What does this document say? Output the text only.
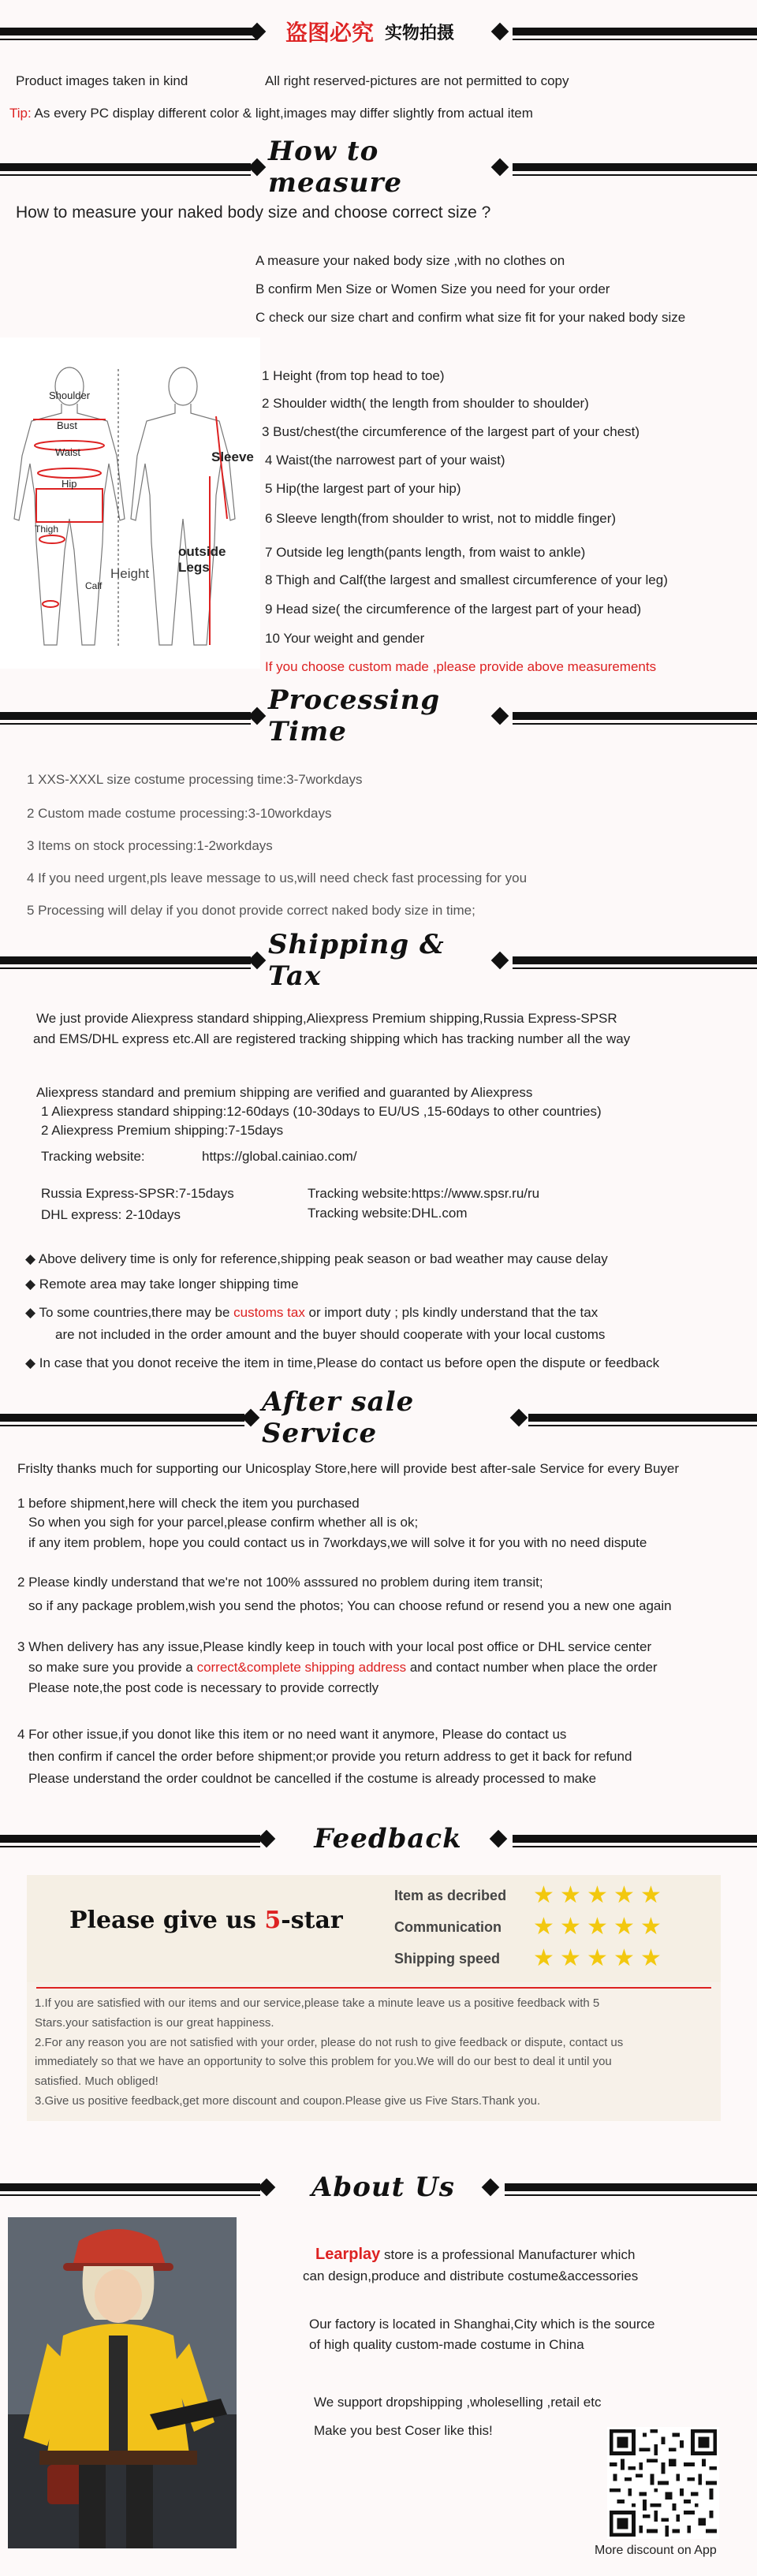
盗图必究 实物拍摄
Product images taken in kind	All right reserved-pictures are not permitted to copy
Tip: As every PC display different color & light,images may differ slightly from actual item
How to measure
How to measure your naked body size and choose correct size ?
A measure your naked body size ,with no clothes on
B confirm Men Size or Women Size you need for your order
C check our size chart and confirm what size fit for your naked body size
Shoulder
Bust
Waist
Hip
Thigh
Calf
Height
Sleeve
outside Legs
1 Height (from top head to toe)
2 Shoulder width( the length from shoulder to shoulder)
3 Bust/chest(the circumference of the largest part of your chest)
4 Waist(the narrowest part of your waist)
5 Hip(the largest part of your hip)
6 Sleeve length(from shoulder to wrist, not to middle finger)
7 Outside leg length(pants length, from waist to ankle)
8 Thigh and Calf(the largest and smallest circumference of your leg)
9 Head size( the circumference of the largest part of your head)
10 Your weight and gender
If you choose custom made ,please provide above measurements
Processing Time
1 XXS-XXXL size costume processing time:3-7workdays
2 Custom made costume processing:3-10workdays
3 Items on stock processing:1-2workdays
4 If you need urgent,pls leave message to us,will need check fast processing for you
5 Processing will delay if you donot provide correct naked body size in time;
Shipping & Tax
We just provide Aliexpress standard shipping,Aliexpress Premium shipping,Russia Express-SPSR
and EMS/DHL express etc.All are registered tracking shipping which has tracking number all the way
Aliexpress standard and premium shipping are verified and guaranted by Aliexpress
1 Aliexpress standard shipping:12-60days (10-30days to EU/US ,15-60days to other countries)
2 Aliexpress Premium shipping:7-15days
Tracking website:	https://global.cainiao.com/
Russia Express-SPSR:7-15days	Tracking website:https://www.spsr.ru/ru
DHL express: 2-10days	Tracking website:DHL.com
◆ Above delivery time is only for reference,shipping peak season or bad weather may cause delay
◆ Remote area may take longer shipping time
◆ To some countries,there may be customs tax or import duty ; pls kindly understand that the tax
are not included in the order amount and the buyer should cooperate with your local customs
◆ In case that you donot receive the item in time,Please do contact us before open the dispute or feedback
After sale Service
Frislty thanks much for supporting our Unicosplay Store,here will provide best after-sale Service for every Buyer
1 before shipment,here will check the item you purchased
So when you sigh for your parcel,please confirm whether all is ok;
if any item problem, hope you could contact us in 7workdays,we will solve it for you with no need dispute
2 Please kindly understand that we're not 100% asssured no problem during item transit;
so if any package problem,wish you send the photos; You can choose refund or resend you a new one again
3 When delivery has any issue,Please kindly keep in touch with your local post office or DHL service center
so make sure you provide a correct&complete shipping address and contact number when place the order
Please note,the post code is necessary to provide correctly
4 For other issue,if you donot like this item or no need want it anymore, Please do contact us
then confirm if cancel the order before shipment;or provide you return address to get it back for refund
Please understand the order couldnot be cancelled if the costume is already processed to make
Feedback
Please give us 5-star
Item as decribed ★ ★ ★ ★ ★
Communication ★ ★ ★ ★ ★
Shipping speed ★ ★ ★ ★ ★
1.If you are satisfied with our items and our service,please take a minute leave us a positive feedback with 5
Stars.your satisfaction is our great happiness.
2.For any reason you are not satisfied with your order, please do not rush to give feedback or dispute, contact us
immediately so that we have an opportunity to solve this problem for you.We will do our best to deal it until you
satisfied. Much obliged!
3.Give us positive feedback,get more discount and coupon.Please give us Five Stars.Thank you.
About Us
Learplay store is a professional Manufacturer which
can design,produce and distribute costume&accessories
Our factory is located in Shanghai,City which is the source
of high quality custom-made costume in China
We support dropshipping ,wholeselling ,retail etc
Make you best Coser like this!
More discount on App
